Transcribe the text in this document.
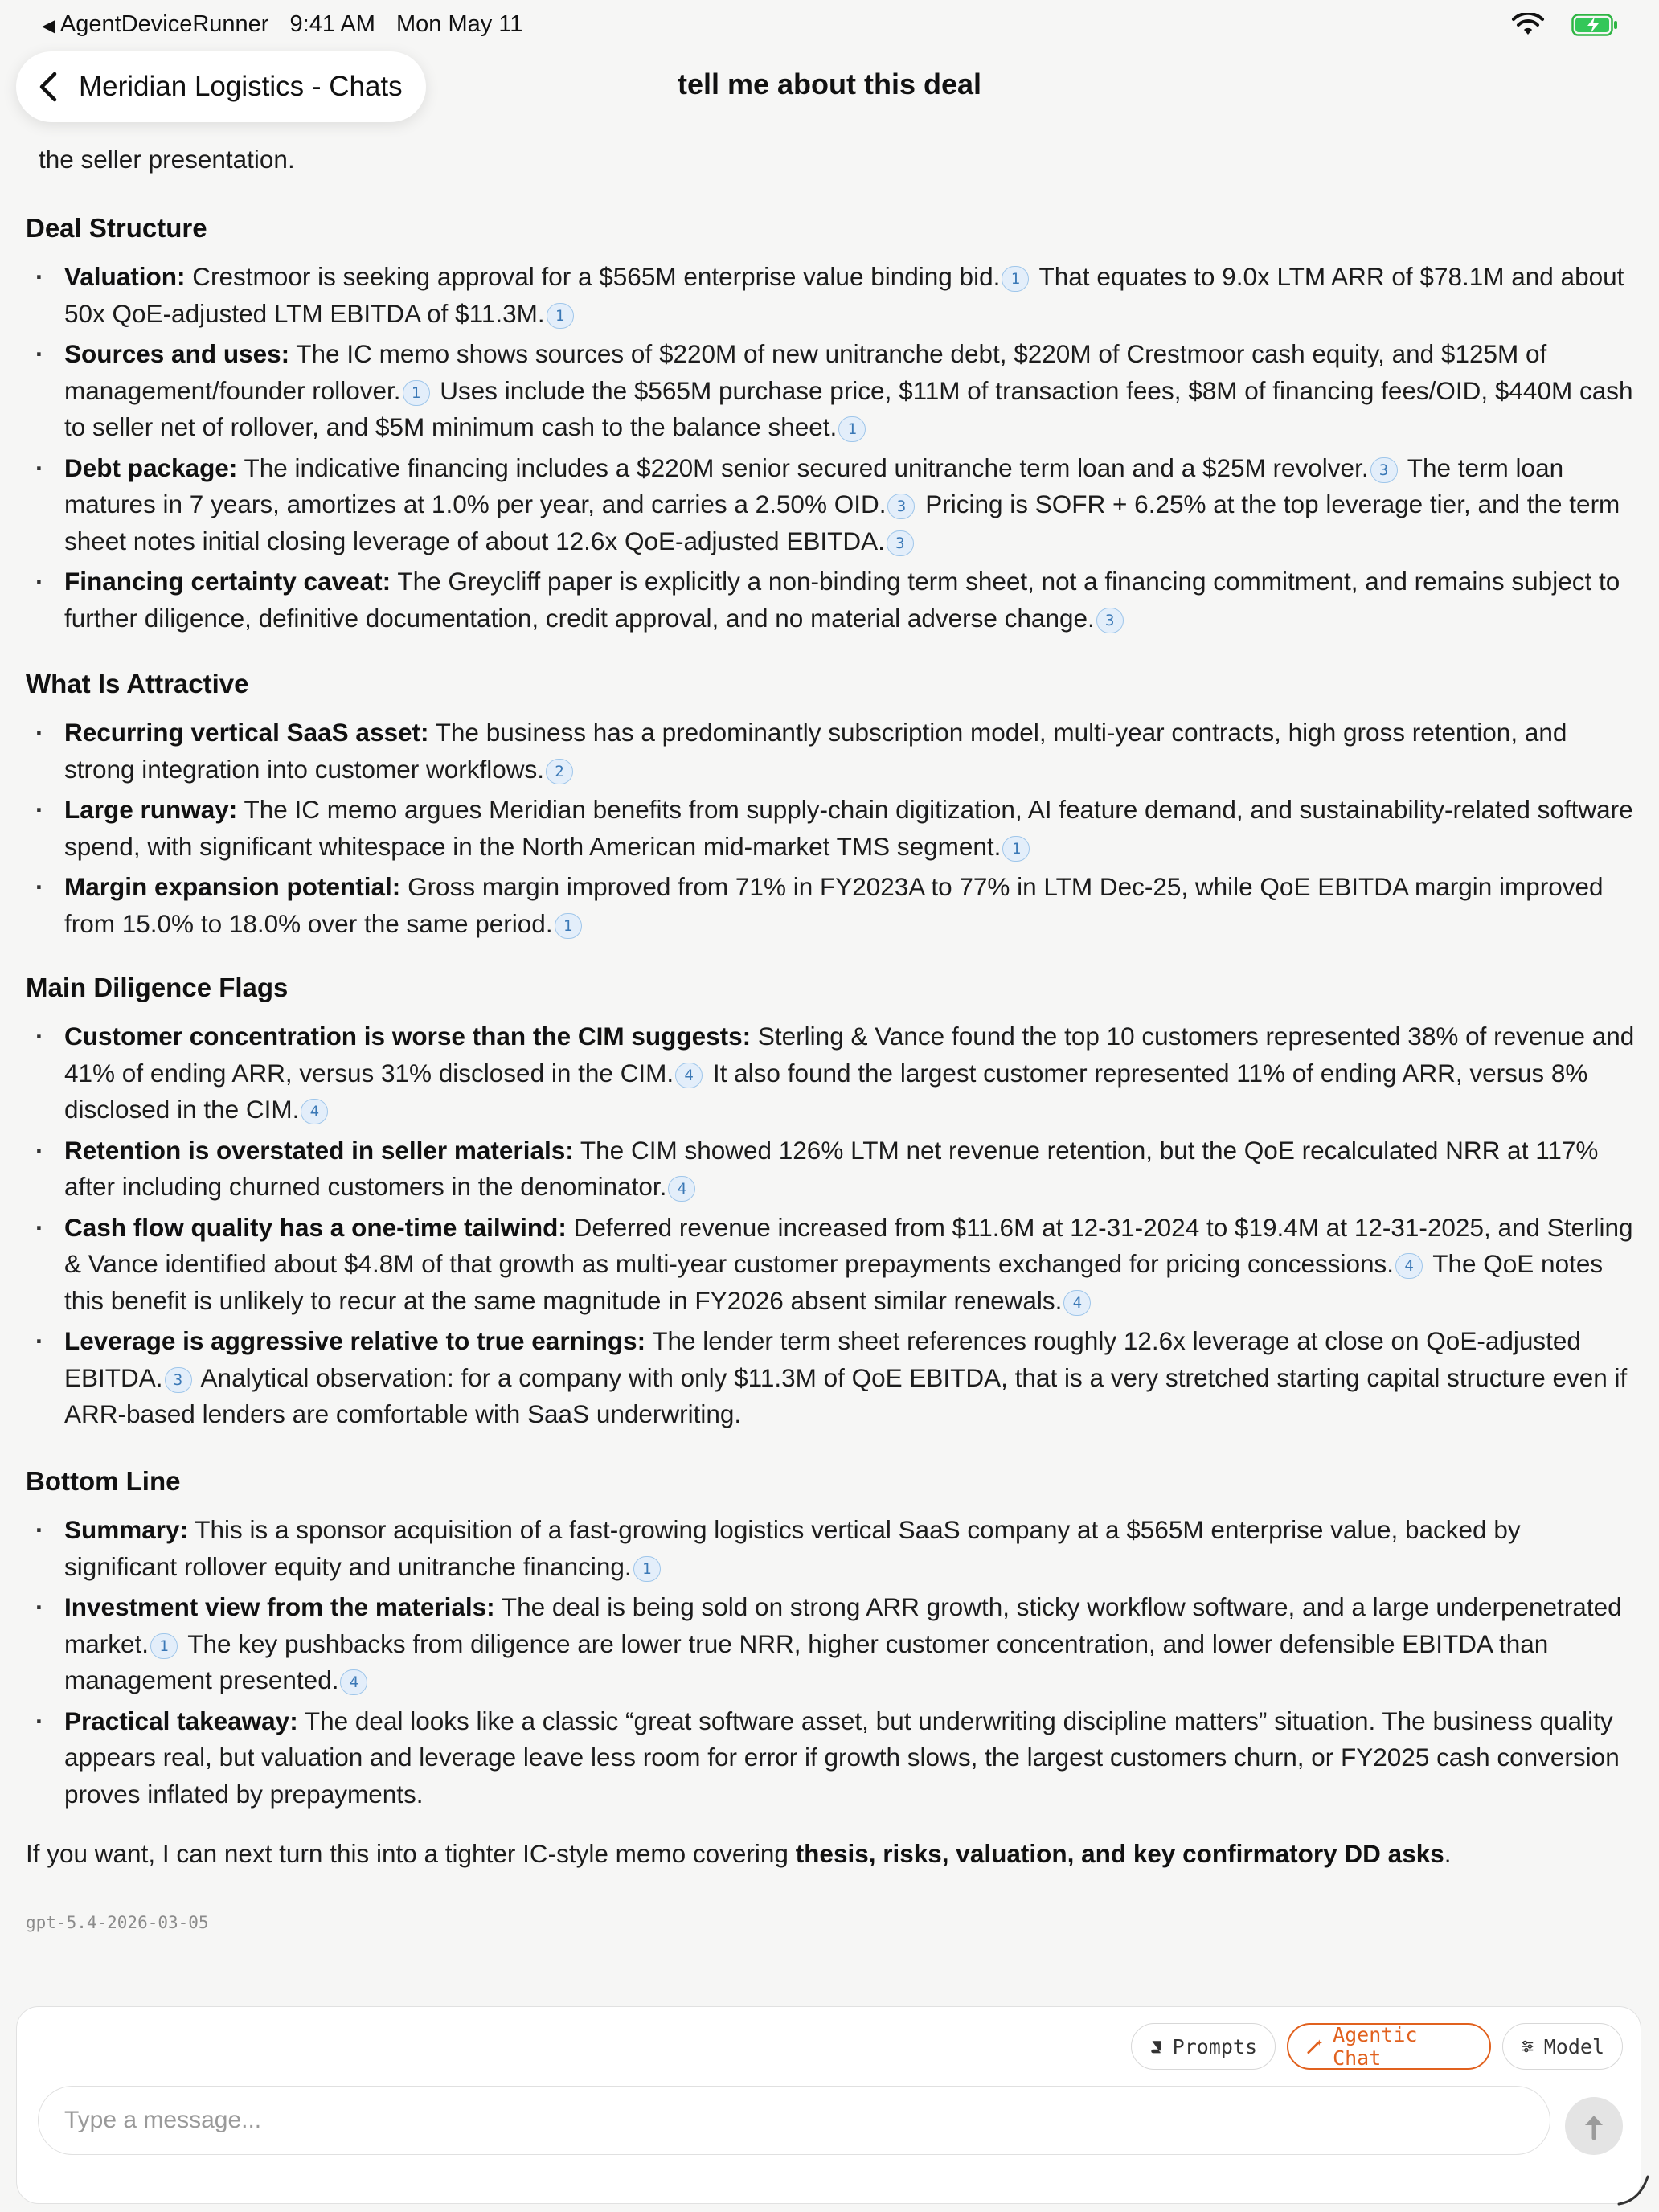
◀ AgentDeviceRunner 9:41 AM Mon May 11
Meridian Logistics - Chats	tell me about this deal
the seller presentation.
Deal Structure
· Valuation: Crestmoor is seeking approval for a $565M enterprise value binding bid. 1 That equates to 9.0x LTM ARR of $78.1M and about 50x QoE-adjusted LTM EBITDA of $11.3M. 1
· Sources and uses: The IC memo shows sources of $220M of new unitranche debt, $220M of Crestmoor cash equity, and $125M of management/founder rollover. 1 Uses include the $565M purchase price, $11M of transaction fees, $8M of financing fees/OID, $440M cash to seller net of rollover, and $5M minimum cash to the balance sheet. 1
· Debt package: The indicative financing includes a $220M senior secured unitranche term loan and a $25M revolver. 3 The term loan matures in 7 years, amortizes at 1.0% per year, and carries a 2.50% OID. 3 Pricing is SOFR + 6.25% at the top leverage tier, and the term sheet notes initial closing leverage of about 12.6x QoE-adjusted EBITDA. 3
· Financing certainty caveat: The Greycliff paper is explicitly a non-binding term sheet, not a financing commitment, and remains subject to further diligence, definitive documentation, credit approval, and no material adverse change. 3
What Is Attractive
· Recurring vertical SaaS asset: The business has a predominantly subscription model, multi-year contracts, high gross retention, and strong integration into customer workflows. 2
· Large runway: The IC memo argues Meridian benefits from supply-chain digitization, AI feature demand, and sustainability-related software spend, with significant whitespace in the North American mid-market TMS segment. 1
· Margin expansion potential: Gross margin improved from 71% in FY2023A to 77% in LTM Dec-25, while QoE EBITDA margin improved from 15.0% to 18.0% over the same period. 1
Main Diligence Flags
· Customer concentration is worse than the CIM suggests: Sterling & Vance found the top 10 customers represented 38% of revenue and 41% of ending ARR, versus 31% disclosed in the CIM. 4 It also found the largest customer represented 11% of ending ARR, versus 8% disclosed in the CIM. 4
· Retention is overstated in seller materials: The CIM showed 126% LTM net revenue retention, but the QoE recalculated NRR at 117% after including churned customers in the denominator. 4
· Cash flow quality has a one-time tailwind: Deferred revenue increased from $11.6M at 12-31-2024 to $19.4M at 12-31-2025, and Sterling & Vance identified about $4.8M of that growth as multi-year customer prepayments exchanged for pricing concessions. 4 The QoE notes this benefit is unlikely to recur at the same magnitude in FY2026 absent similar renewals. 4
· Leverage is aggressive relative to true earnings: The lender term sheet references roughly 12.6x leverage at close on QoE-adjusted EBITDA. 3 Analytical observation: for a company with only $11.3M of QoE EBITDA, that is a very stretched starting capital structure even if ARR-based lenders are comfortable with SaaS underwriting.
Bottom Line
· Summary: This is a sponsor acquisition of a fast-growing logistics vertical SaaS company at a $565M enterprise value, backed by significant rollover equity and unitranche financing. 1
· Investment view from the materials: The deal is being sold on strong ARR growth, sticky workflow software, and a large underpenetrated market. 1 The key pushbacks from diligence are lower true NRR, higher customer concentration, and lower defensible EBITDA than management presented. 4
· Practical takeaway: The deal looks like a classic “great software asset, but underwriting discipline matters” situation. The business quality appears real, but valuation and leverage leave less room for error if growth slows, the largest customers churn, or FY2025 cash conversion proves inflated by prepayments.
If you want, I can next turn this into a tighter IC-style memo covering thesis, risks, valuation, and key confirmatory DD asks.
gpt-5.4-2026-03-05
Prompts	Agentic Chat	Model
Type a message...
